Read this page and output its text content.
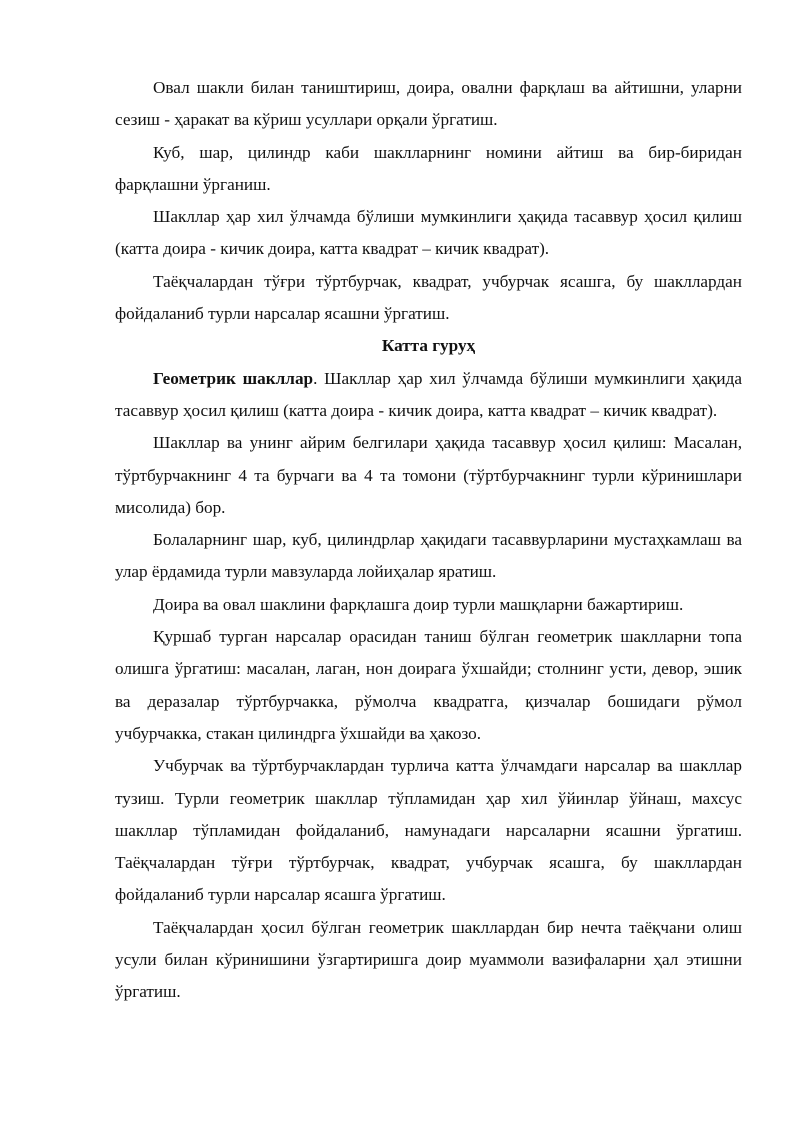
Овал шакли билан таништириш, доира, овални фарқлаш ва айтишни, уларни сезиш - ҳаракат ва кўриш усуллари орқали ўргатиш.

Куб, шар, цилиндр каби шаклларнинг номини айтиш ва бир-биридан фарқлашни ўрганиш.

Шакллар ҳар хил ўлчамда бўлиши мумкинлиги ҳақида тасаввур ҳосил қилиш (катта доира - кичик доира, катта квадрат – кичик квадрат).

Таёқчалардан тўғри тўртбурчак, квадрат, учбурчак ясашга, бу шакллардан фойдаланиб турли нарсалар ясашни ўргатиш.

Катта гуруҳ

Геометрик шакллар. Шакллар ҳар хил ўлчамда бўлиши мумкинлиги ҳақида тасаввур ҳосил қилиш (катта доира - кичик доира, катта квадрат – кичик квадрат).

Шакллар ва унинг айрим белгилари ҳақида тасаввур ҳосил қилиш: Масалан, тўртбурчакнинг 4 та бурчаги ва 4 та томони (тўртбурчакнинг турли кўринишлари мисолида) бор.

Болаларнинг шар, куб, цилиндрлар ҳақидаги тасаввурларини мустаҳкамлаш ва улар ёрдамида турли мавзуларда лойиҳалар яратиш.

Доира ва овал шаклини фарқлашга доир турли машқларни бажартириш.

Қуршаб турган нарсалар орасидан таниш бўлган геометрик шаклларни топа олишга ўргатиш: масалан, лаган, нон доирага ўхшайди; столнинг усти, девор, эшик ва деразалар тўртбурчакка, рўмолча квадратга, қизчалар бошидаги рўмол учбурчакка, стакан цилиндрга ўхшайди ва ҳакозо.

Учбурчак ва тўртбурчаклардан турлича катта ўлчамдаги нарсалар ва шакллар тузиш. Турли геометрик шакллар тўпламидан ҳар хил ўйинлар ўйнаш, махсус шакллар тўпламидан фойдаланиб, намунадаги нарсаларни ясашни ўргатиш. Таёқчалардан тўғри тўртбурчак, квадрат, учбурчак ясашга, бу шакллардан фойдаланиб турли нарсалар ясашга ўргатиш.

Таёқчалардан ҳосил бўлган геометрик шакллардан бир нечта таёқчани олиш усули билан кўринишини ўзгартиришга доир муаммоли вазифаларни ҳал этишни ўргатиш.
